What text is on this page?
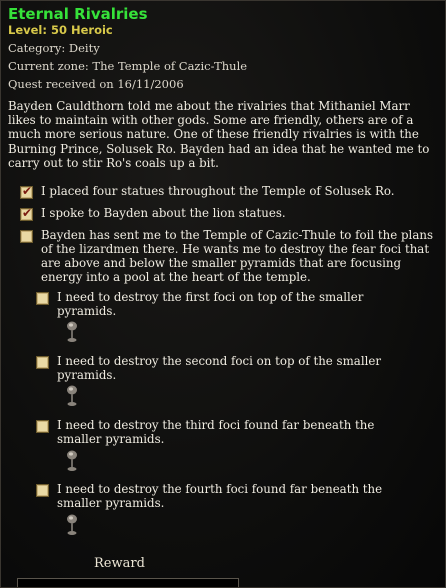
Eternal Rivalries
Level: 50 Heroic
Category: Deity
Current zone: The Temple of Cazic-Thule
Quest received on 16/11/2006
Bayden Cauldthorn told me about the rivalries that Mithaniel Marr likes to maintain with other gods. Some are friendly, others are of a much more serious nature. One of these friendly rivalries is with the Burning Prince, Solusek Ro. Bayden had an idea that he wanted me to carry out to stir Ro's coals up a bit.
✔ I placed four statues throughout the Temple of Solusek Ro.
✔ I spoke to Bayden about the lion statues.
Bayden has sent me to the Temple of Cazic-Thule to foil the plans of the lizardmen there. He wants me to destroy the fear foci that are above and below the smaller pyramids that are focusing energy into a pool at the heart of the temple.
I need to destroy the first foci on top of the smaller pyramids.
I need to destroy the second foci on top of the smaller pyramids.
I need to destroy the third foci found far beneath the smaller pyramids.
I need to destroy the fourth foci found far beneath the smaller pyramids.
Reward
